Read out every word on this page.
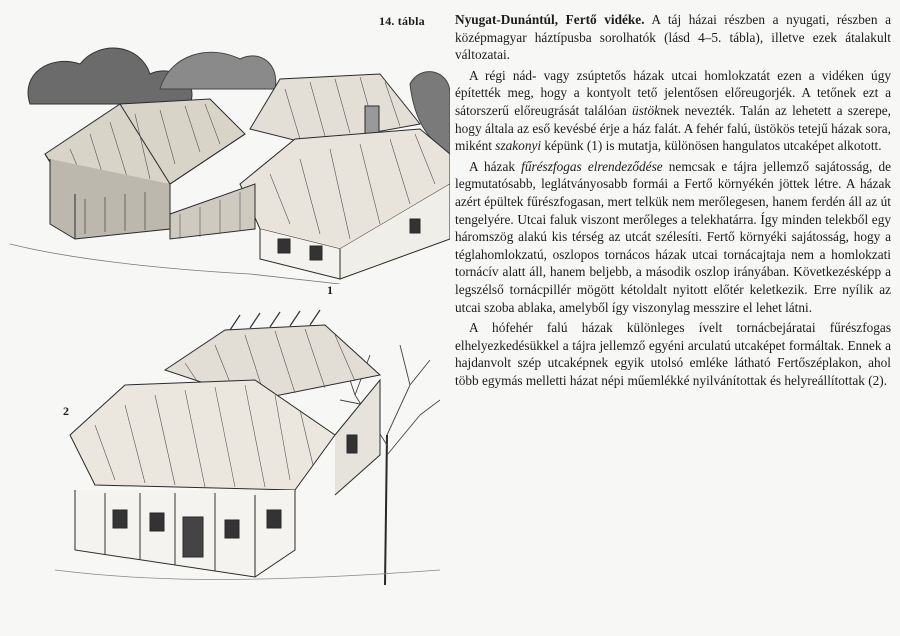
14. tábla
1
2

Nyugat-Dunántúl, Fertő vidéke. A táj házai részben a nyugati, részben a középmagyar háztípusba sorolhatók (lásd 4–5. tábla), illetve ezek átalakult változatai.

A régi nád- vagy zsúptetős házak utcai homlokzatát ezen a vidéken úgy építették meg, hogy a kontyolt tető jelentősen előreugorjék. A tetőnek ezt a sátorszerű előreugrását találóan üstöknek nevezték. Talán az lehetett a szerepe, hogy általa az eső kevésbé érje a ház falát. A fehér falú, üstökös tetejű házak sora, miként szakonyi képünk (1) is mutatja, különösen hangulatos utcaképet alkotott.

A házak fűrészfogas elrendeződése nemcsak e tájra jellemző sajátosság, de legmutatósabb, leglátványosabb formái a Fertő környékén jöttek létre. A házak azért épültek fűrészfogasan, mert telkük nem merőlegesen, hanem ferdén áll az út tengelyére. Utcai faluk viszont merőleges a telekhatárra. Így minden telekből egy háromszög alakú kis térség az utcát szélesíti. Fertő környéki sajátosság, hogy a téglahomlokzatú, oszlopos tornácos házak utcai tornácajtaja nem a homlokzati tornácív alatt áll, hanem beljebb, a második oszlop irányában. Következésképp a legszélső tornácpillér mögött kétoldalt nyitott előtér keletkezik. Erre nyílik az utcai szoba ablaka, amelyből így viszonylag messzire el lehet látni.

A hófehér falú házak különleges ívelt tornácbejáratai fűrészfogas elhelyezkedésükkel a tájra jellemző egyéni arculatú utcaképet formáltak. Ennek a hajdanvolt szép utcaképnek egyik utolsó emléke látható Fertőszéplakon, ahol több egymás melletti házat népi műemlékké nyilvánítottak és helyreállítottak (2).
